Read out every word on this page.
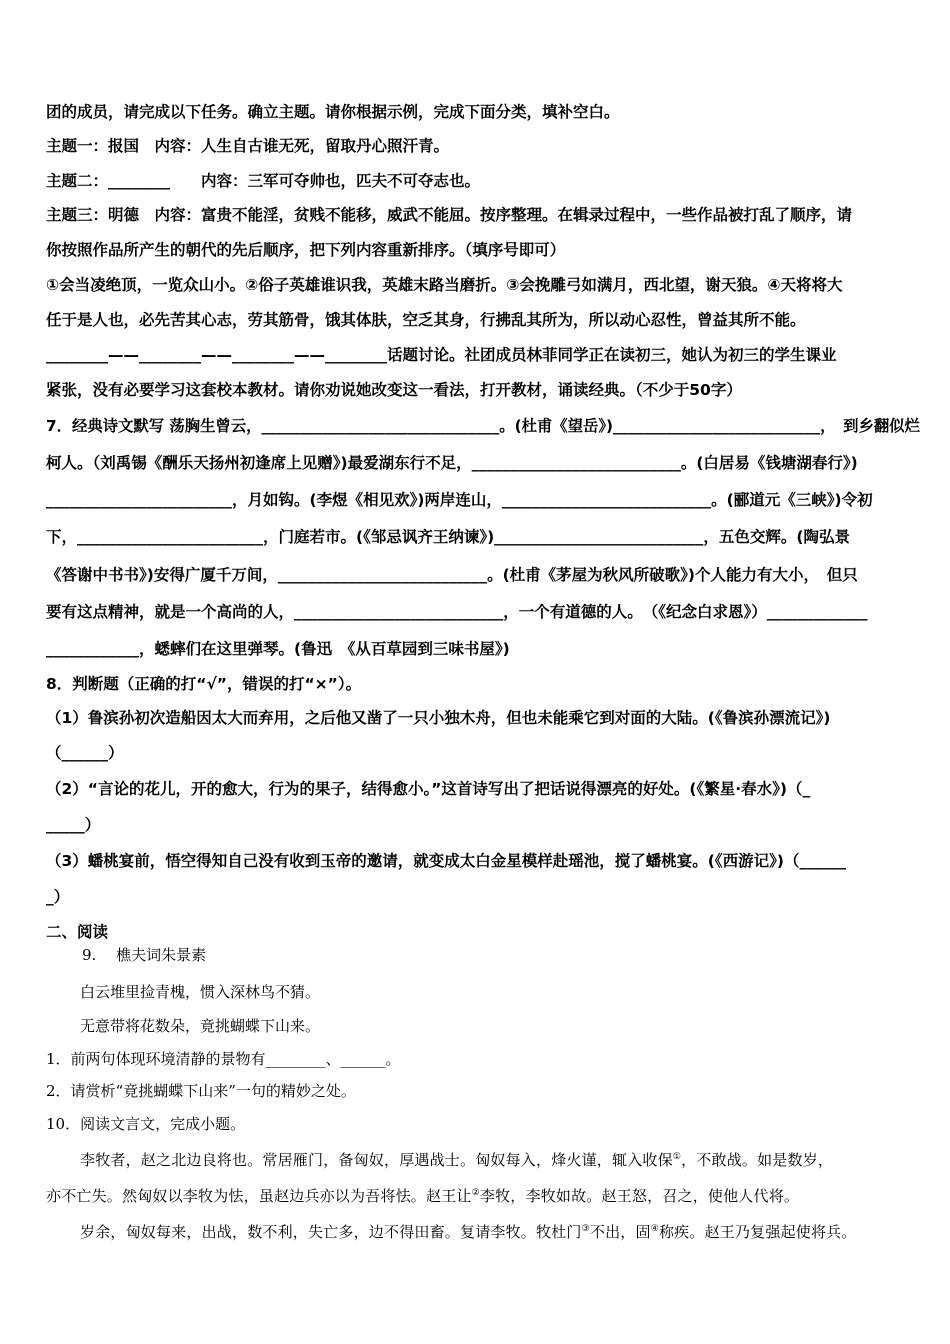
团的成员，请完成以下任务。确立主题。请你根据示例，完成下面分类，填补空白。
主题一：报国　内容：人生自古谁无死，留取丹心照汗青。
主题二：________　　内容：三军可夺帅也，匹夫不可夺志也。
主题三：明德　内容：富贵不能淫，贫贱不能移，威武不能屈。按序整理。在辑录过程中，一些作品被打乱了顺序，请
你按照作品所产生的朝代的先后顺序，把下列内容重新排序。（填序号即可）
①会当凌绝顶，一览众山小。②俗子英雄谁识我，英雄末路当磨折。③会挽雕弓如满月，西北望，谢天狼。④天将将大
任于是人也，必先苦其心志，劳其筋骨，饿其体肤，空乏其身，行拂乱其所为，所以动心忍性，曾益其所不能。
________——________——________——________话题讨论。社团成员林菲同学正在读初三，她认为初三的学生课业
紧张，没有必要学习这套校本教材。请你劝说她改变这一看法，打开教材，诵读经典。（不少于50字）
7．经典诗文默写 荡胸生曾云，_______________________________。(杜甫《望岳》)___________________________，　到乡翻似烂
柯人。（刘禹锡《酬乐天扬州初逢席上见赠》)最爱湖东行不足，___________________________。(白居易《钱塘湖春行》)
________________________，月如钩。(李煜《相见欢》)两岸连山，___________________________。(郦道元《三峡》)令初
下，________________________，门庭若市。(《邹忌讽齐王纳谏》)___________________________，五色交辉。(陶弘景
《答谢中书书》)安得广厦千万间，___________________________。(杜甫《茅屋为秋风所破歌》)个人能力有大小，　但只
要有这点精神，就是一个高尚的人，___________________________，一个有道德的人。　（《纪念白求恩》）_____________
____________，蟋蟀们在这里弹琴。(鲁迅　《从百草园到三味书屋》)
8．判断题（正确的打“√”，错误的打“×”）。
（1）鲁滨孙初次造船因太大而弃用，之后他又凿了一只小独木舟，但也未能乘它到对面的大陆。(《鲁滨孙漂流记》)
（______）
（2）“言论的花儿，开的愈大，行为的果子，结得愈小。”这首诗写出了把话说得漂亮的好处。(《繁星·春水》)（_
_____）
（3）蟠桃宴前，悟空得知自己没有收到玉帝的邀请，就变成太白金星模样赴瑶池，搅了蟠桃宴。(《西游记》)（______
_）
二、阅读
9.　 樵夫词朱景素
白云堆里捡青槐，惯入深林鸟不猜。
无意带将花数朵，竟挑蝴蝶下山来。
1．前两句体现环境清静的景物有________、______。
2．请赏析“竟挑蝴蝶下山来”一句的精妙之处。
10．阅读文言文，完成小题。
李牧者，赵之北边良将也。常居雁门，备匈奴，厚遇战士。匈奴每入，烽火谨，辄入收保①，不敢战。如是数岁，
亦不亡失。然匈奴以李牧为怯，虽赵边兵亦以为吾将怯。赵王让②李牧，李牧如故。赵王怒，召之，使他人代将。
岁余，匈奴每来，出战，数不利，失亡多，边不得田畜。复请李牧。牧杜门③不出，固④称疾。赵王乃复强起使将兵。
